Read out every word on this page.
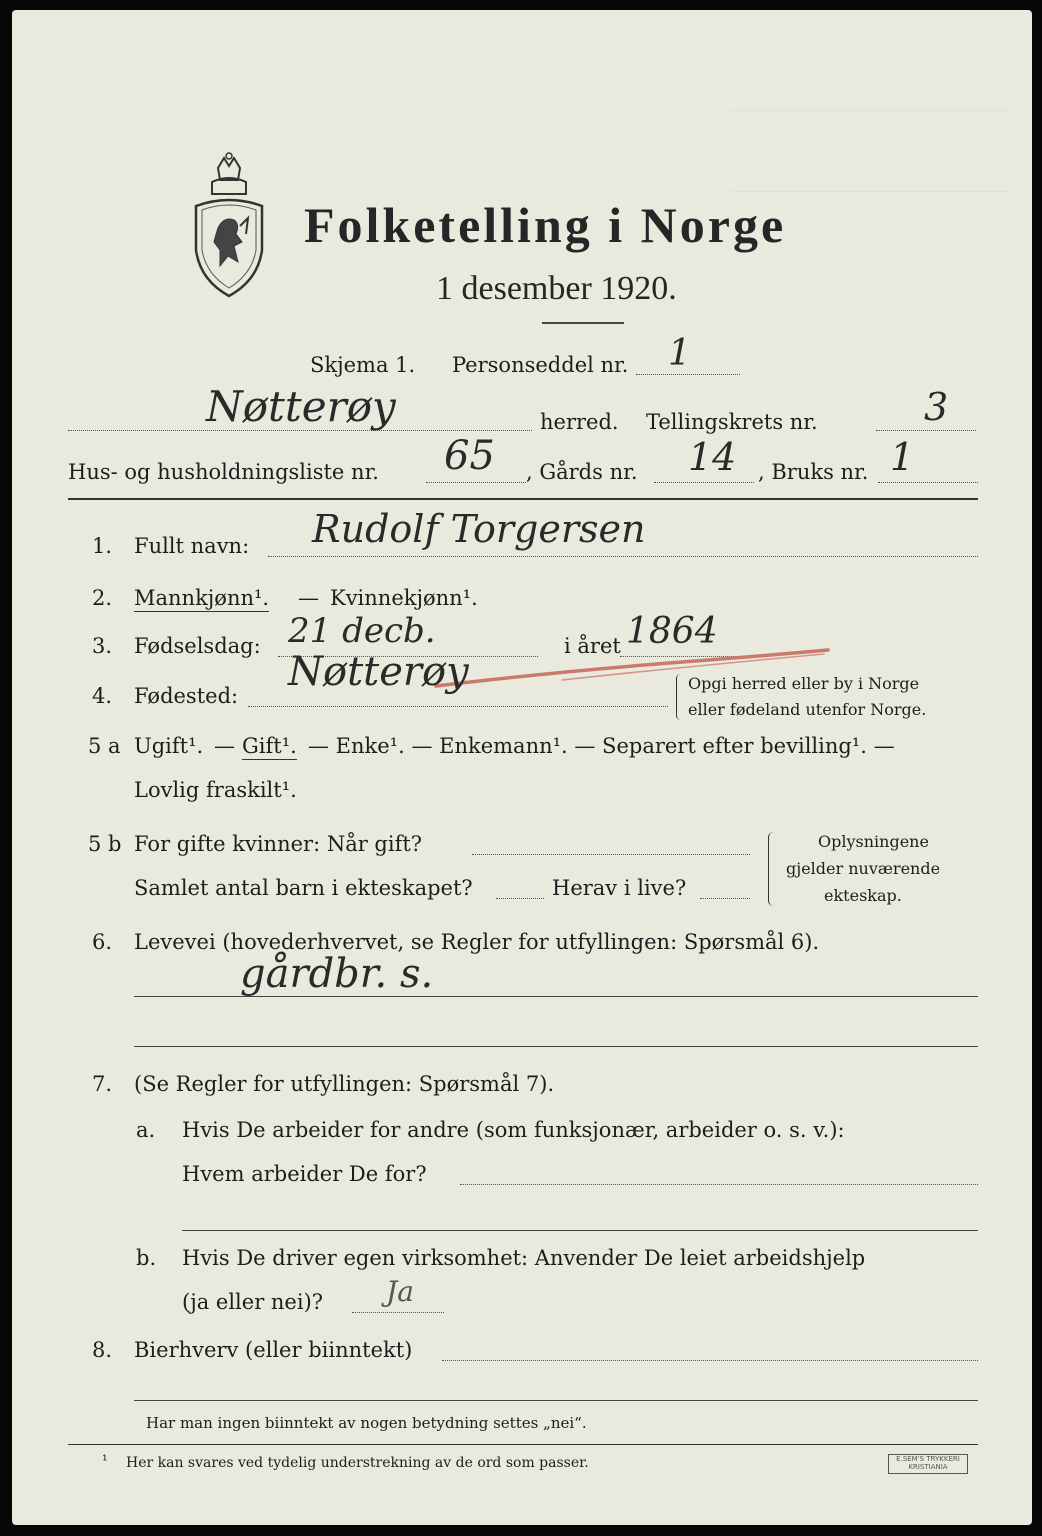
Folketelling i Norge
1 desember 1920.
Skjema 1. Personseddel nr. 1
Nøtterøy	herred. Tellingskrets nr.	3
Hus- og husholdningsliste nr. 65 , Gårds nr. 14 , Bruks nr. 1
1. Fullt navn: Rudolf Torgersen
2. Mannkjønn¹. — Kvinnekjønn¹.
3. Fødselsdag: 21 decb.	i året 1864
4. Fødested:
Nøtterøy	Opgi herred eller by i Norge
eller fødeland utenfor Norge.
5 a Ugift¹. — Gift¹. — Enke¹. — Enkemann¹. — Separert efter bevilling¹. —
Lovlig fraskilt¹.
5 b For gifte kvinner: Når gift?
Samlet antal barn i ekteskapet?	Herav i live?
Oplysningene
gjelder nuværende
ekteskap.
6. Levevei (hovederhvervet, se Regler for utfyllingen: Spørsmål 6).
gårdbr. s.
7. (Se Regler for utfyllingen: Spørsmål 7).
a. Hvis De arbeider for andre (som funksjonær, arbeider o. s. v.):
Hvem arbeider De for?
b. Hvis De driver egen virksomhet: Anvender De leiet arbeidshjelp
(ja eller nei)? Ja
8. Bierhverv (eller biinntekt)
Har man ingen biinntekt av nogen betydning settes „nei“.
¹ Her kan svares ved tydelig understrekning av de ord som passer.	E.SEM'S TRYKKERI
KRISTIANIA
